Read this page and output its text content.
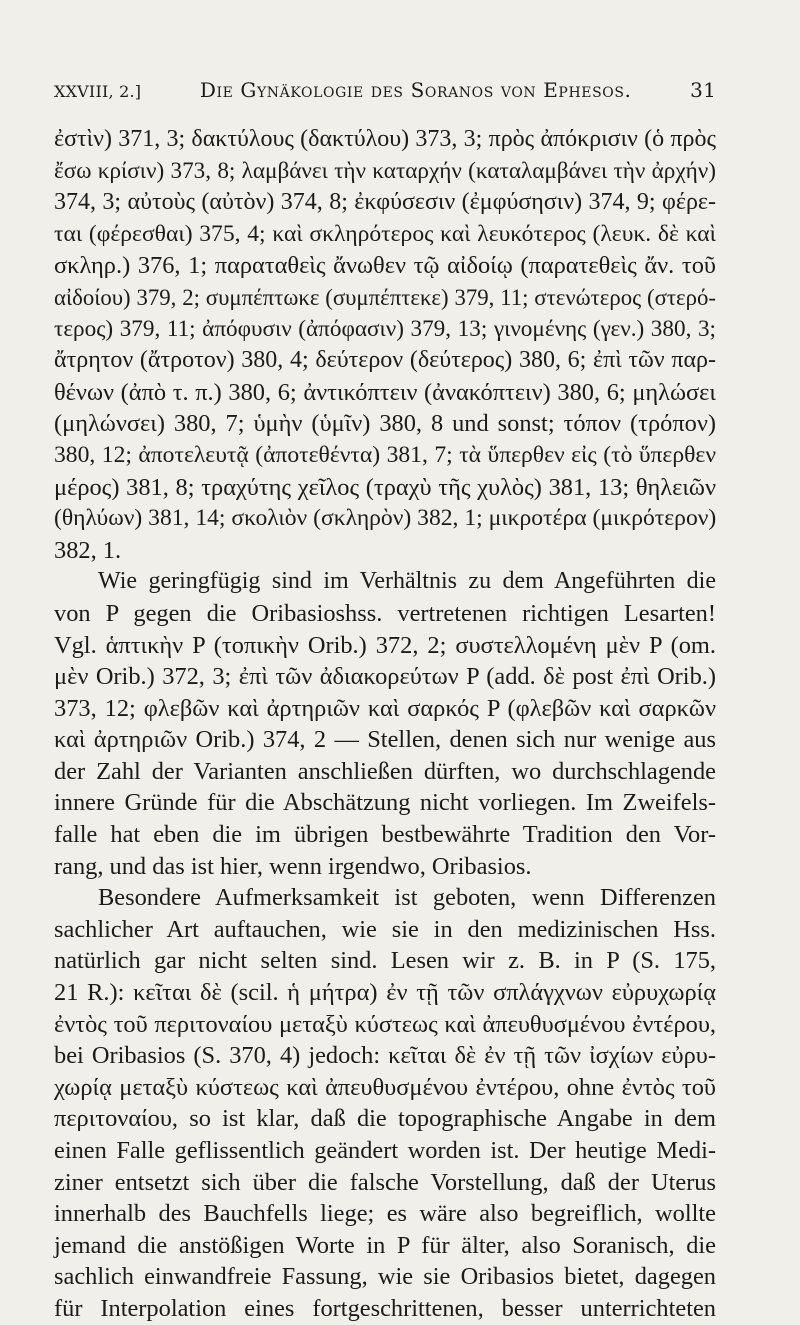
XXVIII, 2.]	Die Gynäkologie des Soranos von Ephesos.	31

ἐστὶν) 371, 3; δακτύλους (δακτύλου) 373, 3; πρὸς ἀπόκρισιν (ὁ πρὸς
ἔσω κρίσιν) 373, 8; λαμβάνει τὴν καταρχήν (καταλαμβάνει τὴν ἀρχήν)
374, 3; αὐτοὺς (αὐτὸν) 374, 8; ἐκφύσεσιν (ἐμφύσησιν) 374, 9; φέρε-
ται (φέρεσθαι) 375, 4; καὶ σκληρότερος καὶ λευκότερος (λευκ. δὲ καὶ
σκληρ.) 376, 1; παραταθεὶς ἄνωθεν τῷ αἰδοίῳ (παρατεθεὶς ἄν. τοῦ
αἰδοίου) 379, 2; συμπέπτωκε (συμπέπτεκε) 379, 11; στενώτερος (στερό-
τερος) 379, 11; ἀπόφυσιν (ἀπόφασιν) 379, 13; γινομένης (γεν.) 380, 3;
ἄτρητον (ἄτροτον) 380, 4; δεύτερον (δεύτερος) 380, 6; ἐπὶ τῶν παρ-
θένων (ἀπὸ τ. π.) 380, 6; ἀντικόπτειν (ἀνακόπτειν) 380, 6; μηλώσει
(μηλώνσει) 380, 7; ὑμὴν (ὑμῖν) 380, 8 und sonst; τόπον (τρόπον)
380, 12; ἀποτελευτᾷ (ἀποτεθέντα) 381, 7; τὰ ὕπερθεν εἰς (τὸ ὕπερθεν
μέρος) 381, 8; τραχύτης χεῖλος (τραχὺ τῆς χυλὸς) 381, 13; θηλειῶν
(θηλύων) 381, 14; σκολιὸν (σκληρὸν) 382, 1; μικροτέρα (μικρότερον)
382, 1.

Wie geringfügig sind im Verhältnis zu dem Angeführten die
von P gegen die Oribasioshss. vertretenen richtigen Lesarten!
Vgl. ἁπτικὴν P (τοπικὴν Orib.) 372, 2; συστελλομένη μὲν P (om.
μὲν Orib.) 372, 3; ἐπὶ τῶν ἀδιακορεύτων P (add. δὲ post ἐπὶ Orib.)
373, 12; φλεβῶν καὶ ἀρτηριῶν καὶ σαρκός P (φλεβῶν καὶ σαρκῶν
καὶ ἀρτηριῶν Orib.) 374, 2 — Stellen, denen sich nur wenige aus
der Zahl der Varianten anschließen dürften, wo durchschlagende
innere Gründe für die Abschätzung nicht vorliegen. Im Zweifels-
falle hat eben die im übrigen bestbewährte Tradition den Vor-
rang, und das ist hier, wenn irgendwo, Oribasios.

Besondere Aufmerksamkeit ist geboten, wenn Differenzen
sachlicher Art auftauchen, wie sie in den medizinischen Hss.
natürlich gar nicht selten sind. Lesen wir z. B. in P (S. 175,
21 R.): κεῖται δὲ (scil. ἡ μήτρα) ἐν τῇ τῶν σπλάγχνων εὐρυχωρίᾳ
ἐντὸς τοῦ περιτοναίου μεταξὺ κύστεως καὶ ἀπευθυσμένου ἐντέρου,
bei Oribasios (S. 370, 4) jedoch: κεῖται δὲ ἐν τῇ τῶν ἰσχίων εὐρυ-
χωρίᾳ μεταξὺ κύστεως καὶ ἀπευθυσμένου ἐντέρου, ohne ἐντὸς τοῦ
περιτοναίου, so ist klar, daß die topographische Angabe in dem
einen Falle geflissentlich geändert worden ist. Der heutige Medi-
ziner entsetzt sich über die falsche Vorstellung, daß der Uterus
innerhalb des Bauchfells liege; es wäre also begreiflich, wollte
jemand die anstößigen Worte in P für älter, also Soranisch, die
sachlich einwandfreie Fassung, wie sie Oribasios bietet, dagegen
für Interpolation eines fortgeschrittenen, besser unterrichteten
